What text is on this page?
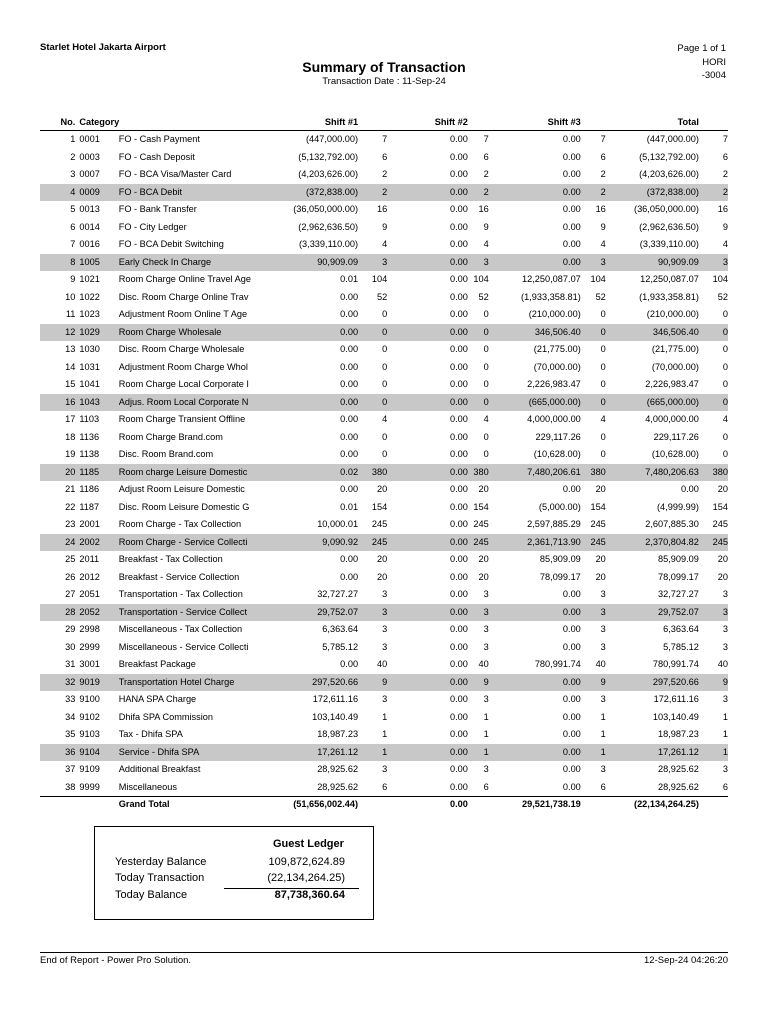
Starlet Hotel Jakarta Airport
Summary of Transaction
Transaction Date : 11-Sep-24
Page 1 of 1
HORI
-3004
No.	Category		Shift #1		Shift #2		Shift #3		Total	
1	0001	FO - Cash Payment	(447,000.00)	7	0.00	7	0.00	7	(447,000.00)	7
2	0003	FO - Cash Deposit	(5,132,792.00)	6	0.00	6	0.00	6	(5,132,792.00)	6
3	0007	FO - BCA Visa/Master Card	(4,203,626.00)	2	0.00	2	0.00	2	(4,203,626.00)	2
4	0009	FO - BCA Debit	(372,838.00)	2	0.00	2	0.00	2	(372,838.00)	2
5	0013	FO - Bank Transfer	(36,050,000.00)	16	0.00	16	0.00	16	(36,050,000.00)	16
6	0014	FO - City Ledger	(2,962,636.50)	9	0.00	9	0.00	9	(2,962,636.50)	9
7	0016	FO - BCA Debit Switching	(3,339,110.00)	4	0.00	4	0.00	4	(3,339,110.00)	4
8	1005	Early Check In Charge	90,909.09	3	0.00	3	0.00	3	90,909.09	3
9	1021	Room Charge Online Travel Age	0.01	104	0.00	104	12,250,087.07	104	12,250,087.07	104
10	1022	Disc. Room Charge Online Trav	0.00	52	0.00	52	(1,933,358.81)	52	(1,933,358.81)	52
11	1023	Adjustment Room Online T Age	0.00	0	0.00	0	(210,000.00)	0	(210,000.00)	0
12	1029	Room Charge Wholesale	0.00	0	0.00	0	346,506.40	0	346,506.40	0
13	1030	Disc. Room Charge Wholesale	0.00	0	0.00	0	(21,775.00)	0	(21,775.00)	0
14	1031	Adjustment Room Charge Whol	0.00	0	0.00	0	(70,000.00)	0	(70,000.00)	0
15	1041	Room Charge Local Corporate I	0.00	0	0.00	0	2,226,983.47	0	2,226,983.47	0
16	1043	Adjus. Room Local Corporate N	0.00	0	0.00	0	(665,000.00)	0	(665,000.00)	0
17	1103	Room Charge Transient Offline	0.00	4	0.00	4	4,000,000.00	4	4,000,000.00	4
18	1136	Room Charge Brand.com	0.00	0	0.00	0	229,117.26	0	229,117.26	0
19	1138	Disc. Room Brand.com	0.00	0	0.00	0	(10,628.00)	0	(10,628.00)	0
20	1185	Room charge Leisure Domestic	0.02	380	0.00	380	7,480,206.61	380	7,480,206.63	380
21	1186	Adjust Room Leisure Domestic	0.00	20	0.00	20	0.00	20	0.00	20
22	1187	Disc. Room Leisure Domestic G	0.01	154	0.00	154	(5,000.00)	154	(4,999.99)	154
23	2001	Room Charge - Tax Collection	10,000.01	245	0.00	245	2,597,885.29	245	2,607,885.30	245
24	2002	Room Charge - Service Collecti	9,090.92	245	0.00	245	2,361,713.90	245	2,370,804.82	245
25	2011	Breakfast - Tax Collection	0.00	20	0.00	20	85,909.09	20	85,909.09	20
26	2012	Breakfast - Service Collection	0.00	20	0.00	20	78,099.17	20	78,099.17	20
27	2051	Transportation - Tax Collection	32,727.27	3	0.00	3	0.00	3	32,727.27	3
28	2052	Transportation - Service Collect	29,752.07	3	0.00	3	0.00	3	29,752.07	3
29	2998	Miscellaneous - Tax Collection	6,363.64	3	0.00	3	0.00	3	6,363.64	3
30	2999	Miscellaneous - Service Collecti	5,785.12	3	0.00	3	0.00	3	5,785.12	3
31	3001	Breakfast Package	0.00	40	0.00	40	780,991.74	40	780,991.74	40
32	9019	Transportation Hotel Charge	297,520.66	9	0.00	9	0.00	9	297,520.66	9
33	9100	HANA SPA Charge	172,611.16	3	0.00	3	0.00	3	172,611.16	3
34	9102	Dhifa SPA Commission	103,140.49	1	0.00	1	0.00	1	103,140.49	1
35	9103	Tax - Dhifa SPA	18,987.23	1	0.00	1	0.00	1	18,987.23	1
36	9104	Service - Dhifa SPA	17,261.12	1	0.00	1	0.00	1	17,261.12	1
37	9109	Additional Breakfast	28,925.62	3	0.00	3	0.00	3	28,925.62	3
38	9999	Miscellaneous	28,925.62	6	0.00	6	0.00	6	28,925.62	6
		Grand Total	(51,656,002.44)		0.00		29,521,738.19		(22,134,264.25)	
Guest Ledger
Yesterday Balance	109,872,624.89
Today Transaction	(22,134,264.25)
Today Balance	87,738,360.64
End of Report - Power Pro Solution.	12-Sep-24 04:26:20
